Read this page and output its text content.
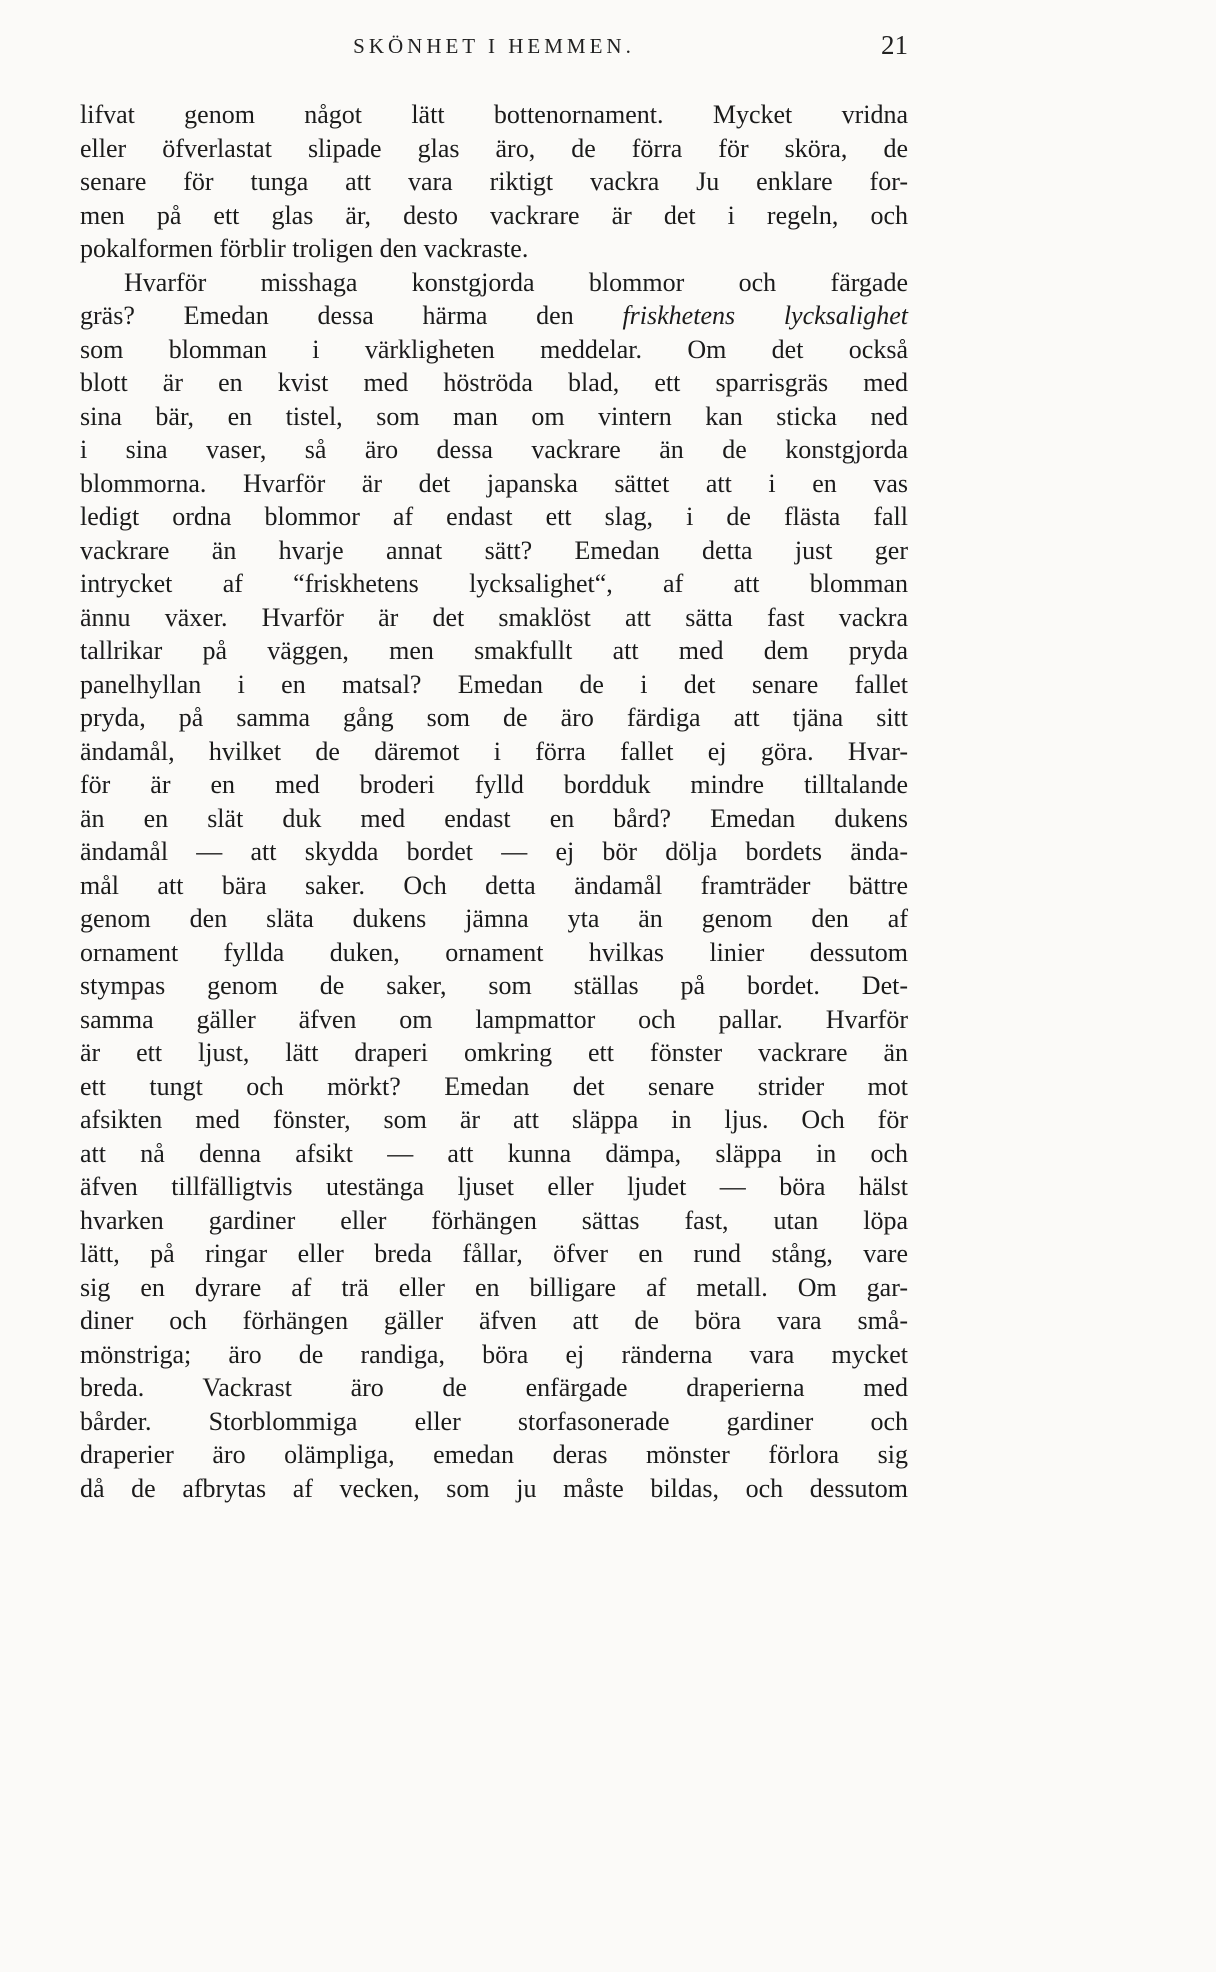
SKÖNHET I HEMMEN.	21
lifvat genom något lätt bottenornament. Mycket vridna
eller öfverlastat slipade glas äro, de förra för sköra, de
senare för tunga att vara riktigt vackra Ju enklare for-
men på ett glas är, desto vackrare är det i regeln, och
pokalformen förblir troligen den vackraste.
Hvarför misshaga konstgjorda blommor och färgade
gräs? Emedan dessa härma den friskhetens lycksalighet
som blomman i värkligheten meddelar. Om det också
blott är en kvist med höströda blad, ett sparrisgräs med
sina bär, en tistel, som man om vintern kan sticka ned
i sina vaser, så äro dessa vackrare än de konstgjorda
blommorna. Hvarför är det japanska sättet att i en vas
ledigt ordna blommor af endast ett slag, i de flästa fall
vackrare än hvarje annat sätt? Emedan detta just ger
intrycket af “friskhetens lycksalighet“, af att blomman
ännu växer. Hvarför är det smaklöst att sätta fast vackra
tallrikar på väggen, men smakfullt att med dem pryda
panelhyllan i en matsal? Emedan de i det senare fallet
pryda, på samma gång som de äro färdiga att tjäna sitt
ändamål, hvilket de däremot i förra fallet ej göra. Hvar-
för är en med broderi fylld bordduk mindre tilltalande
än en slät duk med endast en bård? Emedan dukens
ändamål — att skydda bordet — ej bör dölja bordets ända-
mål att bära saker. Och detta ändamål framträder bättre
genom den släta dukens jämna yta än genom den af
ornament fyllda duken, ornament hvilkas linier dessutom
stympas genom de saker, som ställas på bordet. Det-
samma gäller äfven om lampmattor och pallar. Hvarför
är ett ljust, lätt draperi omkring ett fönster vackrare än
ett tungt och mörkt? Emedan det senare strider mot
afsikten med fönster, som är att släppa in ljus. Och för
att nå denna afsikt — att kunna dämpa, släppa in och
äfven tillfälligtvis utestänga ljuset eller ljudet — böra hälst
hvarken gardiner eller förhängen sättas fast, utan löpa
lätt, på ringar eller breda fållar, öfver en rund stång, vare
sig en dyrare af trä eller en billigare af metall. Om gar-
diner och förhängen gäller äfven att de böra vara små-
mönstriga; äro de randiga, böra ej ränderna vara mycket
breda. Vackrast äro de enfärgade draperierna med
bårder. Storblommiga eller storfasonerade gardiner och
draperier äro olämpliga, emedan deras mönster förlora sig
då de afbrytas af vecken, som ju måste bildas, och dessutom
